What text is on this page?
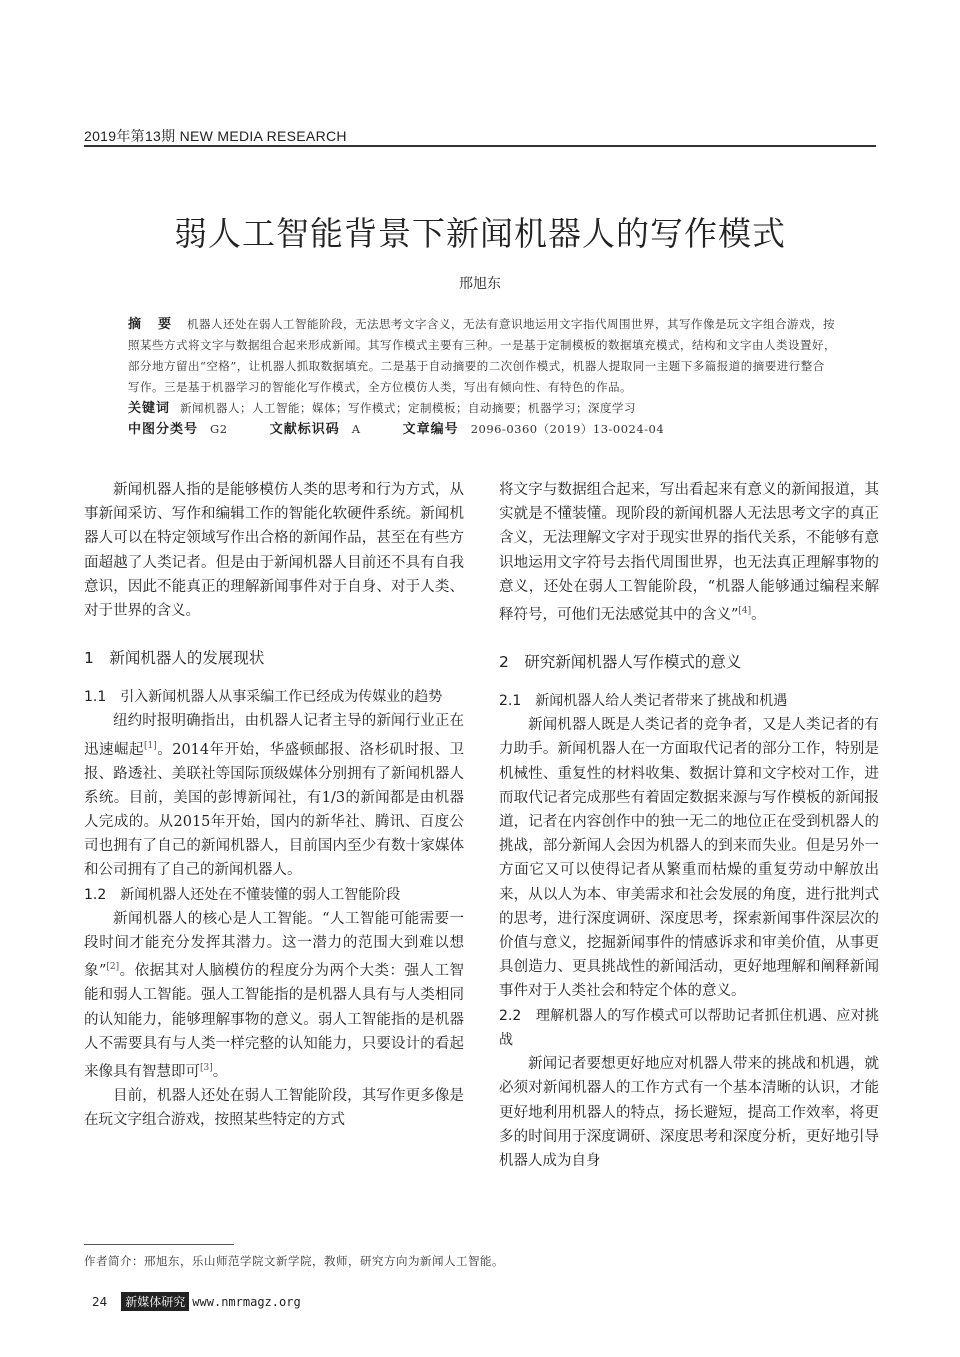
2019年第13期 NEW MEDIA RESEARCH
弱人工智能背景下新闻机器人的写作模式
邢旭东
摘　要 机器人还处在弱人工智能阶段，无法思考文字含义，无法有意识地运用文字指代周围世界，其写作像是玩文字组合游戏，按照某些方式将文字与数据组合起来形成新闻。其写作模式主要有三种。一是基于定制模板的数据填充模式，结构和文字由人类设置好，部分地方留出“空格”，让机器人抓取数据填充。二是基于自动摘要的二次创作模式，机器人提取同一主题下多篇报道的摘要进行整合写作。三是基于机器学习的智能化写作模式，全方位模仿人类，写出有倾向性、有特色的作品。
关键词 新闻机器人；人工智能；媒体；写作模式；定制模板；自动摘要；机器学习；深度学习
中图分类号 G2	文献标识码 A	文章编号 2096-0360（2019）13-0024-04

新闻机器人指的是能够模仿人类的思考和行为方式，从事新闻采访、写作和编辑工作的智能化软硬件系统。新闻机器人可以在特定领域写作出合格的新闻作品，甚至在有些方面超越了人类记者。但是由于新闻机器人目前还不具有自我意识，因此不能真正的理解新闻事件对于自身、对于人类、对于世界的含义。

1　新闻机器人的发展现状
1.1　引入新闻机器人从事采编工作已经成为传媒业的趋势

纽约时报明确指出，由机器人记者主导的新闻行业正在迅速崛起[1]。2014年开始，华盛顿邮报、洛杉矶时报、卫报、路透社、美联社等国际顶级媒体分别拥有了新闻机器人系统。目前，美国的彭博新闻社，有1/3的新闻都是由机器人完成的。从2015年开始，国内的新华社、腾讯、百度公司也拥有了自己的新闻机器人，目前国内至少有数十家媒体和公司拥有了自己的新闻机器人。

1.2　新闻机器人还处在不懂装懂的弱人工智能阶段

新闻机器人的核心是人工智能。“人工智能可能需要一段时间才能充分发挥其潜力。这一潜力的范围大到难以想象”[2]。依据其对人脑模仿的程度分为两个大类：强人工智能和弱人工智能。强人工智能指的是机器人具有与人类相同的认知能力，能够理解事物的意义。弱人工智能指的是机器人不需要具有与人类一样完整的认知能力，只要设计的看起来像具有智慧即可[3]。

目前，机器人还处在弱人工智能阶段，其写作更多像是在玩文字组合游戏，按照某些特定的方式

将文字与数据组合起来，写出看起来有意义的新闻报道，其实就是不懂装懂。现阶段的新闻机器人无法思考文字的真正含义，无法理解文字对于现实世界的指代关系，不能够有意识地运用文字符号去指代周围世界，也无法真正理解事物的意义，还处在弱人工智能阶段，“机器人能够通过编程来解释符号，可他们无法感觉其中的含义”[4]。

2　研究新闻机器人写作模式的意义
2.1　新闻机器人给人类记者带来了挑战和机遇

新闻机器人既是人类记者的竞争者，又是人类记者的有力助手。新闻机器人在一方面取代记者的部分工作，特别是机械性、重复性的材料收集、数据计算和文字校对工作，进而取代记者完成那些有着固定数据来源与写作模板的新闻报道，记者在内容创作中的独一无二的地位正在受到机器人的挑战，部分新闻人会因为机器人的到来而失业。但是另外一方面它又可以使得记者从繁重而枯燥的重复劳动中解放出来，从以人为本、审美需求和社会发展的角度，进行批判式的思考，进行深度调研、深度思考，探索新闻事件深层次的价值与意义，挖掘新闻事件的情感诉求和审美价值，从事更具创造力、更具挑战性的新闻活动，更好地理解和阐释新闻事件对于人类社会和特定个体的意义。

2.2　理解机器人的写作模式可以帮助记者抓住机遇、应对挑战

新闻记者要想更好地应对机器人带来的挑战和机遇，就必须对新闻机器人的工作方式有一个基本清晰的认识，才能更好地利用机器人的特点，扬长避短，提高工作效率，将更多的时间用于深度调研、深度思考和深度分析，更好地引导机器人成为自身

作者简介：邢旭东，乐山师范学院文新学院，教师，研究方向为新闻人工智能。
24	新媒体研究 www.nmrmagz.org
